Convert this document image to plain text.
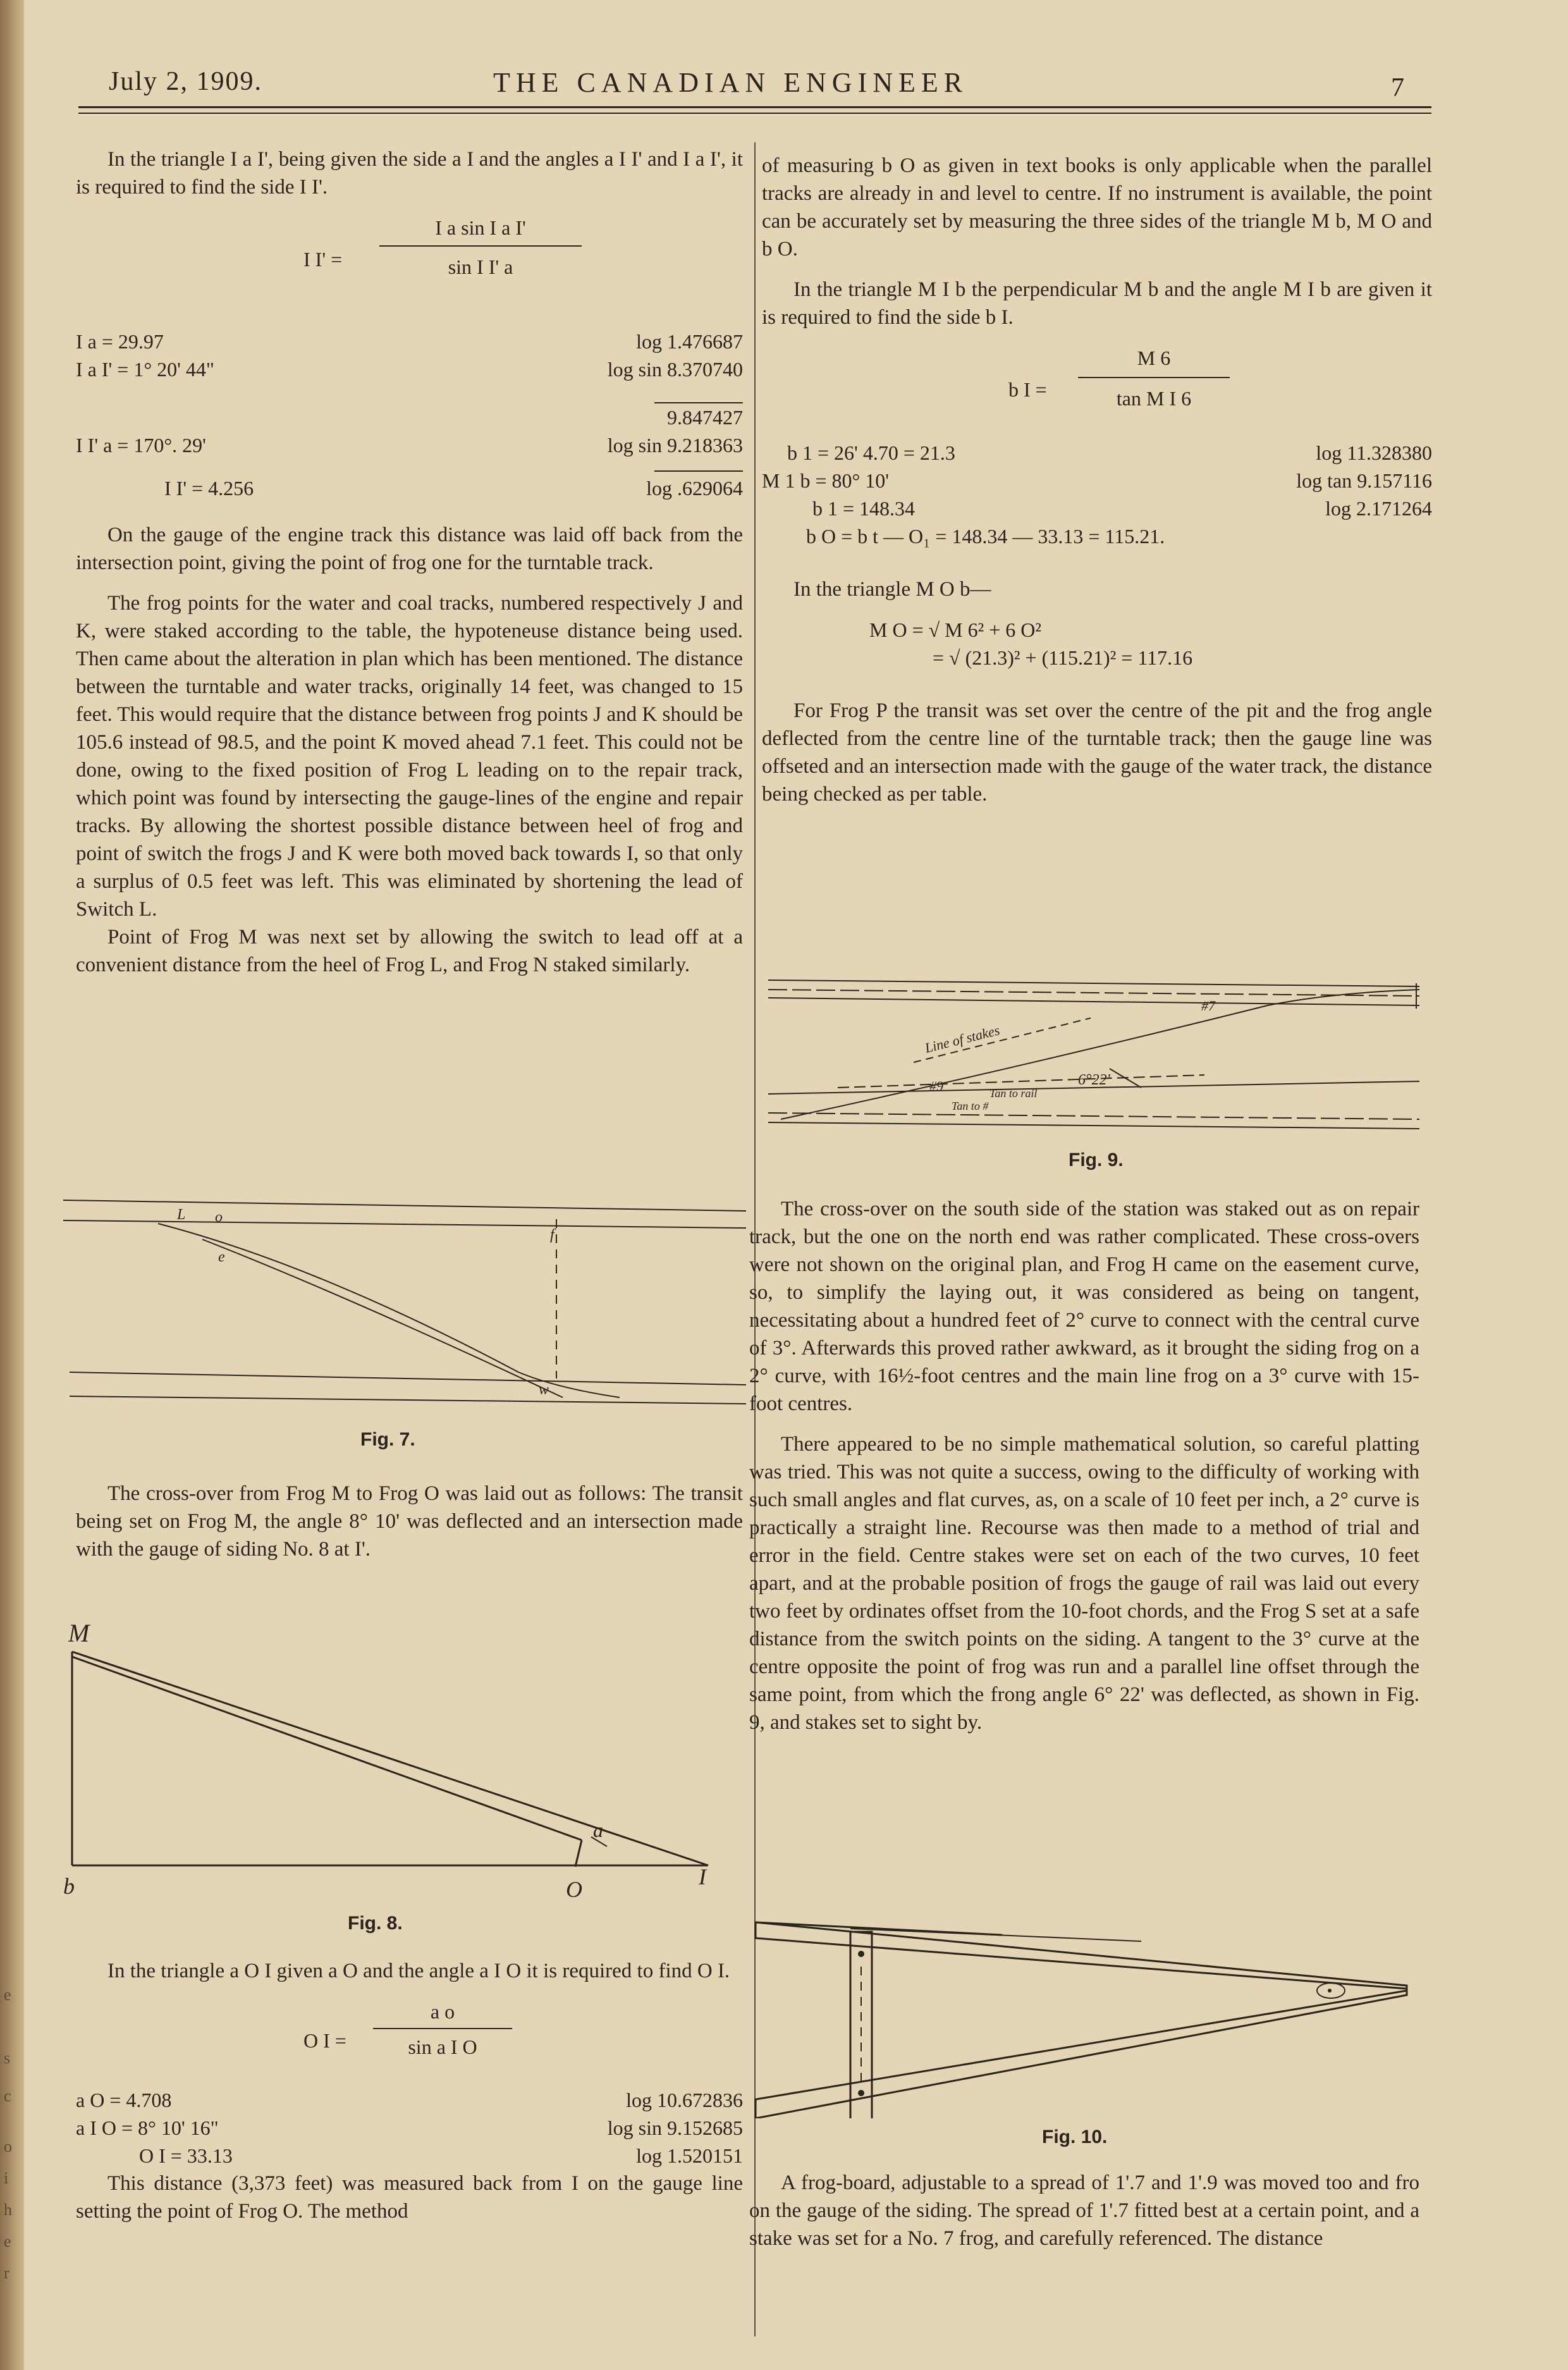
July 2, 1909.	THE CANADIAN ENGINEER	7
e
s
c
o
i
h
e
r

In the triangle I a I', being given the side a I and the angles a I I' and I a I', it is required to find the side I I'.

I $I' = \frac{\text{I a sin I a I'}}{\text{sin I I' a}}$
I a = 29.97	log 1.476687
I a I' = 1° 20' 44"	log sin 8.370740
9.847427
I I' a = 170°. 29'	log sin 9.218363
I I' = 4.256	log .629064

On the gauge of the engine track this distance was laid off back from the intersection point, giving the point of frog one for the turntable track.

The frog points for the water and coal tracks, numbered respectively J and K, were staked according to the table, the hypoteneuse distance being used. Then came about the alteration in plan which has been mentioned. The distance between the turntable and water tracks, originally 14 feet, was changed to 15 feet. This would require that the distance between frog points J and K should be 105.6 instead of 98.5, and the point K moved ahead 7.1 feet. This could not be done, owing to the fixed position of Frog L leading on to the repair track, which point was found by intersecting the gauge-lines of the engine and repair tracks. By allowing the shortest possible distance between heel of frog and point of switch the frogs J and K were both moved back towards I, so that only a surplus of 0.5 feet was left. This was eliminated by shortening the lead of Switch L.

Point of Frog M was next set by allowing the switch to lead off at a convenient distance from the heel of Frog L, and Frog N staked similarly.

L o
e
f
w
Fig. 7.

The cross-over from Frog M to Frog O was laid out as follows: The transit being set on Frog M, the angle 8° 10' was deflected and an intersection made with the gauge of siding No. 8 at I'.

M
b	O	I
a
Fig. 8.

In the triangle a O I given a O and the angle a I O it is required to find O I.

O $I = \frac{\text{a o}}{\text{sin a I O}}$
a O = 4.708	log 10.672836
a I O = 8° 10' 16"	log sin 9.152685
O I = 33.13	log 1.520151

This distance (3,373 feet) was measured back from I on the gauge line setting the point of Frog O. The method

of measuring b O as given in text books is only applicable when the parallel tracks are already in and level to centre. If no instrument is available, the point can be accurately set by measuring the three sides of the triangle M b, M O and b O.

In the triangle M I b the perpendicular M b and the angle M I b are given it is required to find the side b I.

b $I = \frac{M 6}{\text{tan M I 6}}$
b 1 = 26' 4.70 = 21.3	log 11.328380
M 1 b = 80° 10'	log tan 9.157116
b 1 = 148.34	log 2.171264
b O = b t — O₁ = 148.34 — 33.13 = 115.21.

In the triangle M O b—

M O = √ M 6² + 6 O²
= √ (21.3)² + (115.21)² = 117.16

For Frog P the transit was set over the centre of the pit and the frog angle deflected from the centre line of the turntable track; then the gauge line was offseted and an intersection made with the gauge of the water track, the distance being checked as per table.

#7
#9
Line of stakes
6°22'
Tan to rail
Tan to #
Fig. 9.

The cross-over on the south side of the station was staked out as on repair track, but the one on the north end was rather complicated. These cross-overs were not shown on the original plan, and Frog H came on the easement curve, so, to simplify the laying out, it was considered as being on tangent, necessitating about a hundred feet of 2° curve to connect with the central curve of 3°. Afterwards this proved rather awkward, as it brought the siding frog on a 2° curve, with 16½-foot centres and the main line frog on a 3° curve with 15-foot centres.

There appeared to be no simple mathematical solution, so careful platting was tried. This was not quite a success, owing to the difficulty of working with such small angles and flat curves, as, on a scale of 10 feet per inch, a 2° curve is practically a straight line. Recourse was then made to a method of trial and error in the field. Centre stakes were set on each of the two curves, 10 feet apart, and at the probable position of frogs the gauge of rail was laid out every two feet by ordinates offset from the 10-foot chords, and the Frog S set at a safe distance from the switch points on the siding. A tangent to the 3° curve at the centre opposite the point of frog was run and a parallel line offset through the same point, from which the frong angle 6° 22' was deflected, as shown in Fig. 9, and stakes set to sight by.

Fig. 10.

A frog-board, adjustable to a spread of 1'.7 and 1'.9 was moved too and fro on the gauge of the siding. The spread of 1'.7 fitted best at a certain point, and a stake was set for a No. 7 frog, and carefully referenced. The distance
